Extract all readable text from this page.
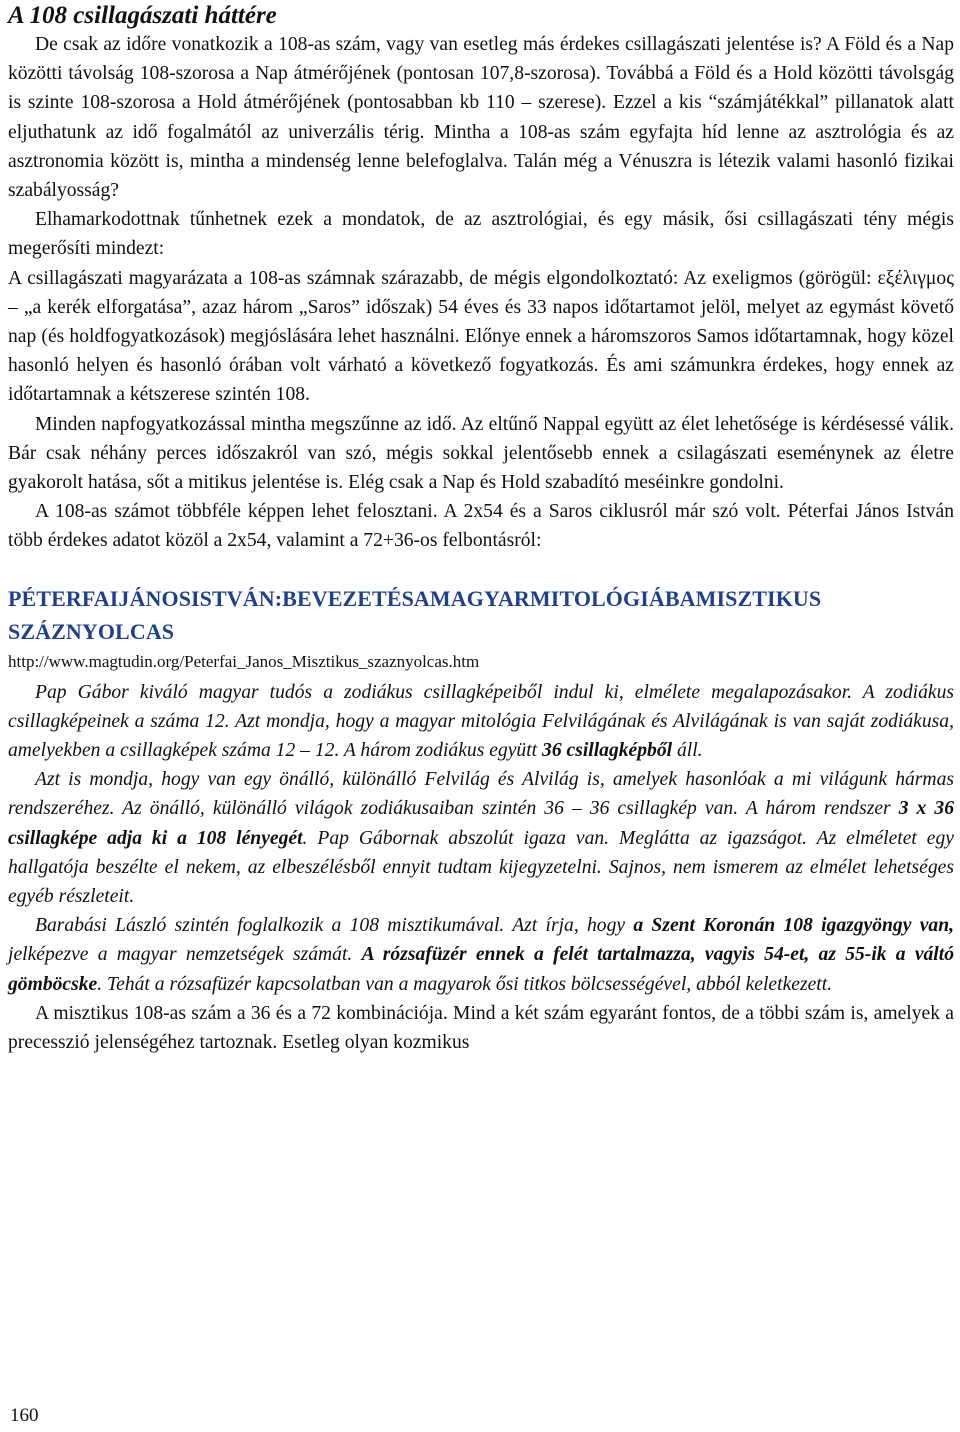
A 108 csillagászati háttére

De csak az időre vonatkozik a 108-as szám, vagy van esetleg más érdekes csillagászati jelentése is? A Föld és a Nap közötti távolság 108-szorosa a Nap átmérőjének (pontosan 107,8-szorosa). Továbbá a Föld és a Hold közötti távolsgág is szinte 108-szorosa a Hold átmérőjének (pontosabban kb 110 – szerese). Ezzel a kis “számjátékkal” pillanatok alatt eljuthatunk az idő fogalmától az univerzális térig. Mintha a 108-as szám egyfajta híd lenne az asztrológia és az asztronomia között is, mintha a mindenség lenne belefoglalva. Talán még a Vénuszra is létezik valami hasonló fizikai szabályosság?

Elhamarkodottnak tűnhetnek ezek a mondatok, de az asztrológiai, és egy másik, ősi csillagászati tény mégis megerősíti mindezt:

A csillagászati magyarázata a 108-as számnak szárazabb, de mégis elgondolkoztató: Az exeligmos (görögül: εξέλιγμος – „a kerék elforgatása”, azaz három „Saros” időszak) 54 éves és 33 napos időtartamot jelöl, melyet az egymást követő nap (és holdfogyatkozások) megjóslására lehet használni. Előnye ennek a háromszoros Samos időtartamnak, hogy közel hasonló helyen és hasonló órában volt várható a következő fogyatkozás. És ami számunkra érdekes, hogy ennek az időtartamnak a kétszerese szintén 108.

Minden napfogyatkozással mintha megszűnne az idő. Az eltűnő Nappal együtt az élet lehetősége is kérdésessé válik. Bár csak néhány perces időszakról van szó, mégis sokkal jelentősebb ennek a csilagászati eseménynek az életre gyakorolt hatása, sőt a mitikus jelentése is. Elég csak a Nap és Hold szabadító meséinkre gondolni.

A 108-as számot többféle képpen lehet felosztani. A 2x54 és a Saros ciklusról már szó volt. Péterfai János István több érdekes adatot közöl a 2x54, valamint a 72+36-os felbontásról:

PÉTERFAIJÁNOSISTVÁN:BEVEZETÉSAMAGYARMITOLÓGIÁBAMISZTIKUS SZÁZNYOLCAS
http://www.magtudin.org/Peterfai_Janos_Misztikus_szaznyolcas.htm

Pap Gábor kiváló magyar tudós a zodiákus csillagképeiből indul ki, elmélete megalapozásakor. A zodiákus csillagképeinek a száma 12. Azt mondja, hogy a magyar mitológia Felvilágának és Alvilágának is van saját zodiákusa, amelyekben a csillagképek száma 12 – 12. A három zodiákus együtt 36 csillagképből áll.

Azt is mondja, hogy van egy önálló, különálló Felvilág és Alvilág is, amelyek hasonlóak a mi világunk hármas rendszeréhez. Az önálló, különálló világok zodiákusaiban szintén 36 – 36 csillagkép van. A három rendszer 3 x 36 csillagképe adja ki a 108 lényegét. Pap Gábornak abszolút igaza van. Meglátta az igazságot. Az elméletet egy hallgatója beszélte el nekem, az elbeszélésből ennyit tudtam kijegyzetelni. Sajnos, nem ismerem az elmélet lehetséges egyéb részleteit.

Barabási László szintén foglalkozik a 108 misztikumával. Azt írja, hogy a Szent Koronán 108 igazgyöngy van, jelképezve a magyar nemzetségek számát. A rózsafüzér ennek a felét tartalmazza, vagyis 54-et, az 55-ik a váltó gömböcske. Tehát a rózsafüzér kapcsolatban van a magyarok ősi titkos bölcsességével, abból keletkezett.

A misztikus 108-as szám a 36 és a 72 kombinációja. Mind a két szám egyaránt fontos, de a többi szám is, amelyek a precesszió jelenségéhez tartoznak. Esetleg olyan kozmikus

160
